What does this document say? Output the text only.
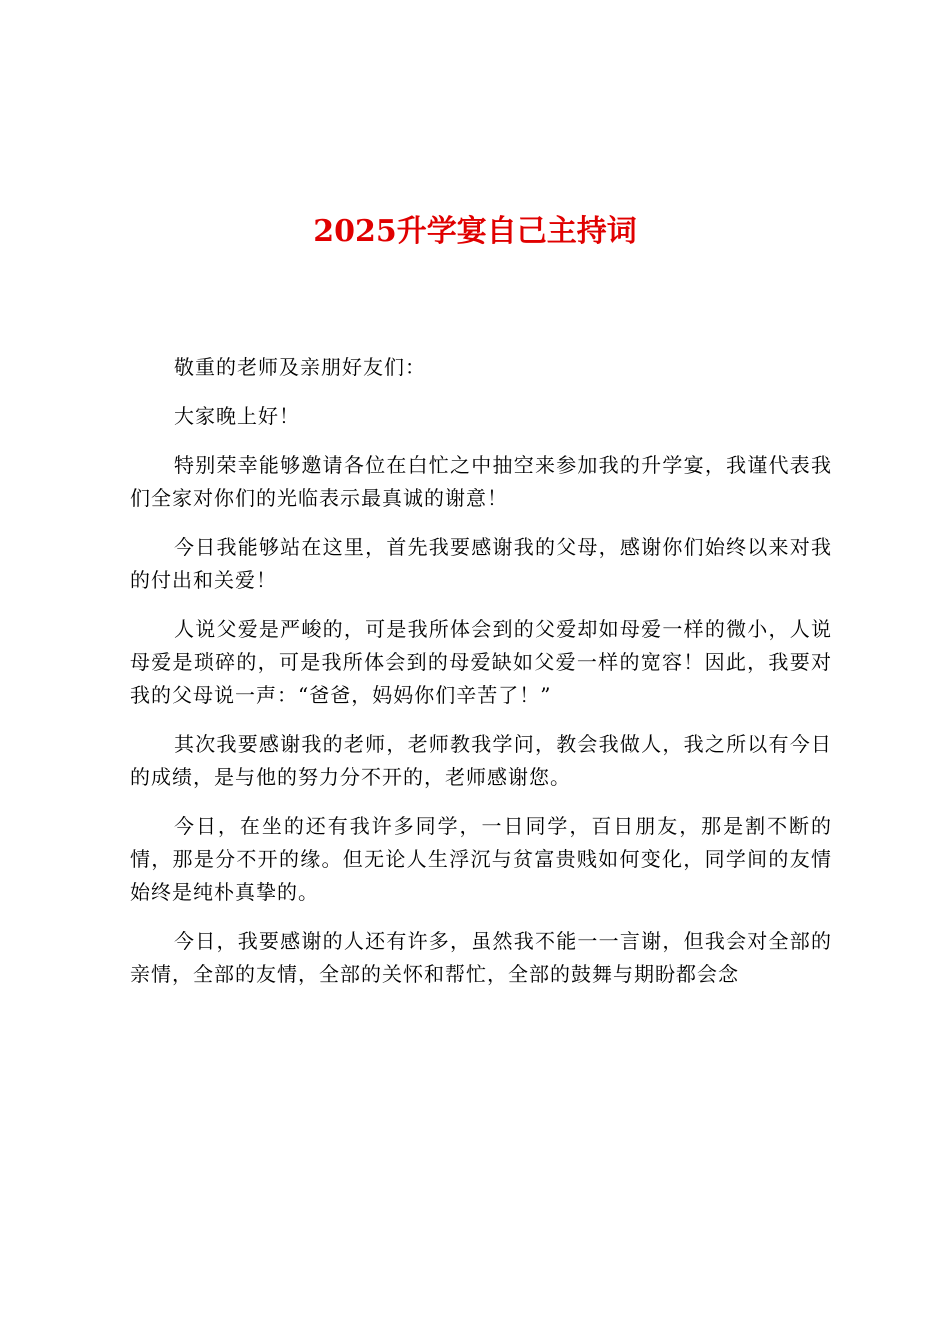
2025升学宴自己主持词

敬重的老师及亲朋好友们：

大家晚上好！

特别荣幸能够邀请各位在白忙之中抽空来参加我的升学宴，我谨代表我们全家对你们的光临表示最真诚的谢意！

今日我能够站在这里，首先我要感谢我的父母，感谢你们始终以来对我的付出和关爱！

人说父爱是严峻的，可是我所体会到的父爱却如母爱一样的微小，人说母爱是琐碎的，可是我所体会到的母爱缺如父爱一样的宽容！因此，我要对我的父母说一声：“爸爸，妈妈你们辛苦了！”

其次我要感谢我的老师，老师教我学问，教会我做人，我之所以有今日的成绩，是与他的努力分不开的，老师感谢您。

今日，在坐的还有我许多同学，一日同学，百日朋友，那是割不断的情，那是分不开的缘。但无论人生浮沉与贫富贵贱如何变化，同学间的友情始终是纯朴真挚的。

今日，我要感谢的人还有许多，虽然我不能一一言谢，但我会对全部的亲情，全部的友情，全部的关怀和帮忙，全部的鼓舞与期盼都会念
